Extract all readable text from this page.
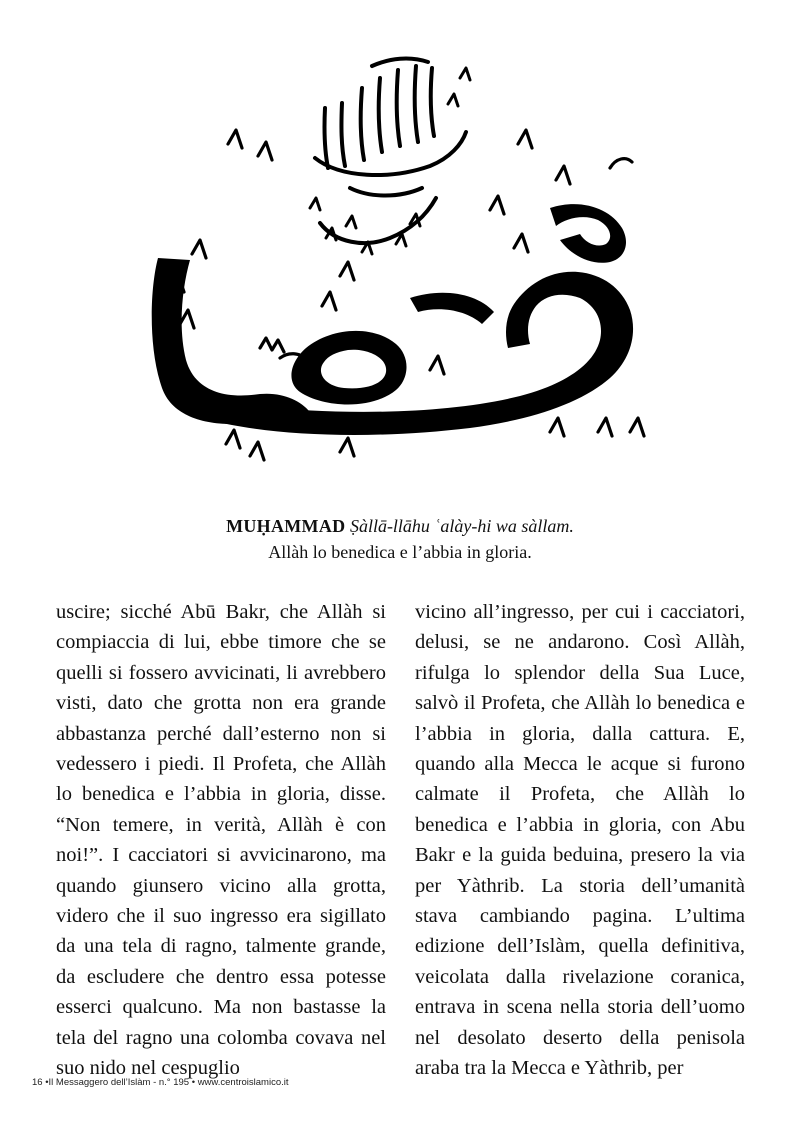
MUḤAMMAD Ṣàllā-llāhu ʿalày-hi wa sàllam.
Allàh lo benedica e l’abbia in gloria.

uscire; sicché Abū Bakr, che Allàh si compiaccia di lui, ebbe timore che se quelli si fossero avvicinati, li avrebbero visti, dato che grotta non era grande abbastanza perché dall’esterno non si vedessero i piedi. Il Profeta, che Allàh lo benedica e l’abbia in gloria, disse. “Non temere, in verità, Allàh è con noi!”. I cacciatori si avvicinarono, ma quando giunsero vicino alla grotta, videro che il suo ingresso era sigillato da una tela di ragno, talmente grande, da escludere che dentro essa potesse esserci qualcuno. Ma non bastasse la tela del ragno una colomba covava nel suo nido nel cespuglio

vicino all’ingresso, per cui i cacciatori, delusi, se ne andarono. Così Allàh, rifulga lo splendor della Sua Luce, salvò il Profeta, che Allàh lo benedica e l’abbia in gloria, dalla cattura. E, quando alla Mecca le acque si furono calmate il Profeta, che Allàh lo benedica e l’abbia in gloria, con Abu Bakr e la guida beduina, presero la via per Yàthrib. La storia dell’umanità stava cambiando pagina. L’ultima edizione dell’Islàm, quella definitiva, veicolata dalla rivelazione coranica, entrava in scena nella storia dell’uomo nel desolato deserto della penisola araba tra la Mecca e Yàthrib, per

16 •Il Messaggero dell’Islàm - n.° 195 • www.centroislamico.it
